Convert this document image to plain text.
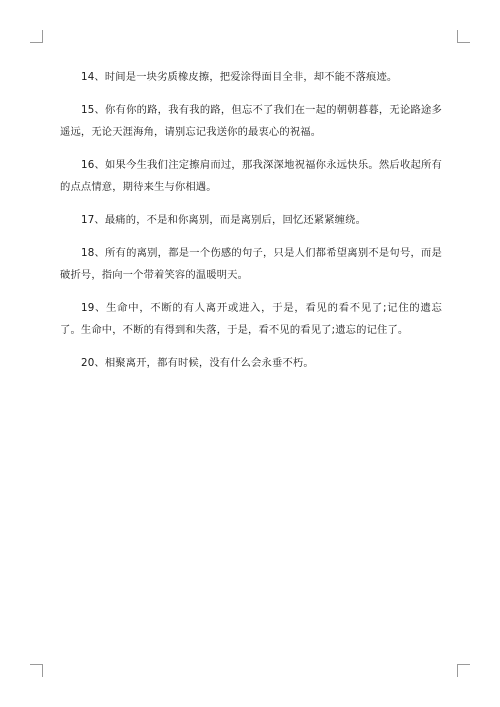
14、时间是一块劣质橡皮擦，把爱涂得面目全非，却不能不落痕迹。

15、你有你的路，我有我的路，但忘不了我们在一起的朝朝暮暮，无论路途多遥远，无论天涯海角，请别忘记我送你的最衷心的祝福。

16、如果今生我们注定擦肩而过，那我深深地祝福你永远快乐。然后收起所有的点点情意，期待来生与你相遇。

17、最痛的，不是和你离别，而是离别后，回忆还紧紧缠绕。

18、所有的离别，都是一个伤感的句子，只是人们都希望离别不是句号，而是破折号，指向一个带着笑容的温暖明天。

19、生命中，不断的有人离开或进入，于是，看见的看不见了;记住的遗忘了。生命中，不断的有得到和失落，于是，看不见的看见了;遗忘的记住了。

20、相聚离开，都有时候，没有什么会永垂不朽。
